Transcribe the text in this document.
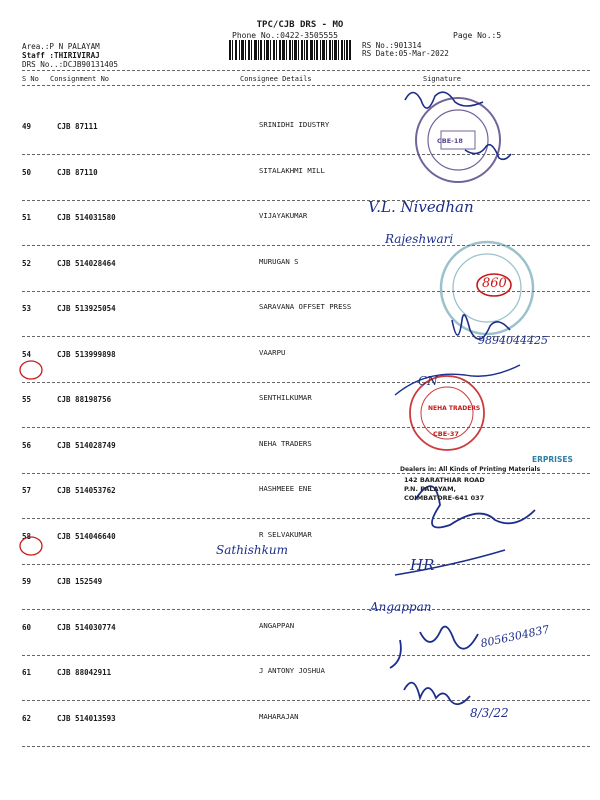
TPC/CJB DRS - MO
Phone No.:0422-3505555
Area.:P N PALAYAM
Staff :THIRIVIRAJ
DRS No..:DCJB90131405
Page No.:5
RS No.:901314
RS Date:05-Mar-2022
S No Consignment No	Consignee Details	Signature
49	CJB 87111	SRINIDHI IDUSTRY
50	CJB 87110	SITALAKHMI MILL
51	CJB 514031580	VIJAYAKUMAR
52	CJB 514028464	MURUGAN S
53	CJB 513925054	SARAVANA OFFSET PRESS
54	CJB 513999898	VAARPU
55	CJB 88198756	SENTHILKUMAR
56	CJB 514028749	NEHA TRADERS
57	CJB 514053762	HASHMEEE ENE
58	CJB 514046640	R SELVAKUMAR
59	CJB 152549
60	CJB 514030774	ANGAPPAN
61	CJB 88042911	J ANTONY JOSHUA
62	CJB 514013593	MAHARAJAN
V.L. Nivedhan
Rajeshwari
860
9894044425
CN
Sathishkum
HR
Angappan
8056304837
8/3/22
CBE-18
NEHA TRADERS
CBE-37
ERPRISES
Dealers in: All Kinds of Printing Materials
142 BARATHIAR ROAD
P.N. PALAYAM,
COIMBATORE-641 037
